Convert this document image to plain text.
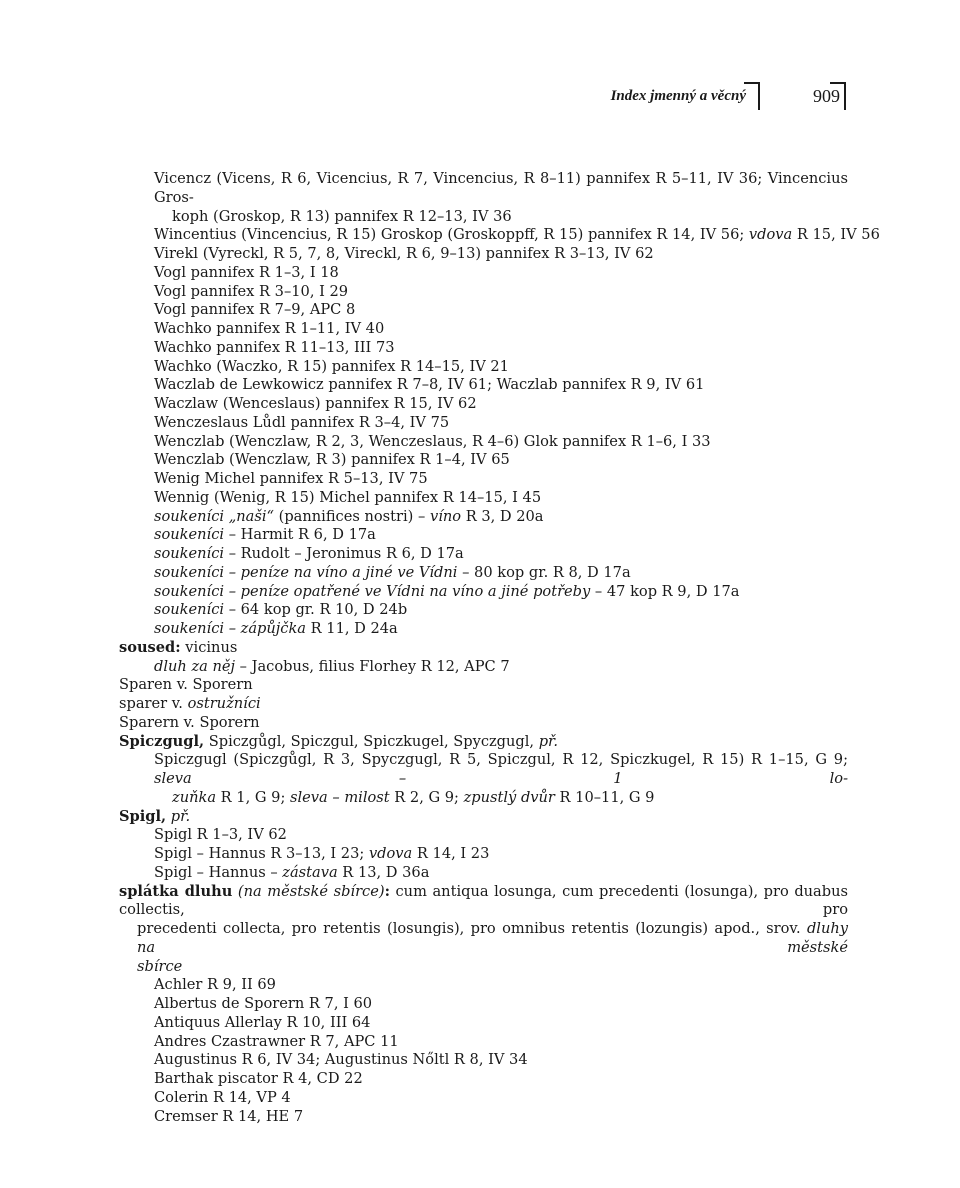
Index jmenný a věcný	909
Vicencz (Vicens, R 6, Vicencius, R 7, Vincencius, R 8–11) pannifex R 5–11, IV 36; Vincencius Gros-
koph (Groskop, R 13) pannifex R 12–13, IV 36
Wincentius (Vincencius, R 15) Groskop (Groskoppff, R 15) pannifex R 14, IV 56; vdova R 15, IV 56
Virekl (Vyreckl, R 5, 7, 8, Vireckl, R 6, 9–13) pannifex R 3–13, IV 62
Vogl pannifex R 1–3, I 18
Vogl pannifex R 3–10, I 29
Vogl pannifex R 7–9, APC 8
Wachko pannifex R 1–11, IV 40
Wachko pannifex R 11–13, III 73
Wachko (Waczko, R 15) pannifex R 14–15, IV 21
Waczlab de Lewkowicz pannifex R 7–8, IV 61; Waczlab pannifex R 9, IV 61
Waczlaw (Wenceslaus) pannifex R 15, IV 62
Wenczeslaus Lůdl pannifex R 3–4, IV 75
Wenczlab (Wenczlaw, R 2, 3, Wenczeslaus, R 4–6) Glok pannifex R 1–6, I 33
Wenczlab (Wenczlaw, R 3) pannifex R 1–4, IV 65
Wenig Michel pannifex R 5–13, IV 75
Wennig (Wenig, R 15) Michel pannifex R 14–15, I 45
soukeníci „naši“ (pannifices nostri) – víno R 3, D 20a
soukeníci – Harmit R 6, D 17a
soukeníci – Rudolt – Jeronimus R 6, D 17a
soukeníci – peníze na víno a jiné ve Vídni – 80 kop gr. R 8, D 17a
soukeníci – peníze opatřené ve Vídni na víno a jiné potřeby – 47 kop R 9, D 17a
soukeníci – 64 kop gr. R 10, D 24b
soukeníci – zápůjčka R 11, D 24a
soused: vicinus
dluh za něj – Jacobus, filius Florhey R 12, APC 7
Sparen v. Sporern
sparer v. ostružníci
Sparern v. Sporern
Spiczgugl, Spiczgůgl, Spiczgul, Spiczkugel, Spyczgugl, př.
Spiczgugl (Spiczgůgl, R 3, Spyczgugl, R 5, Spiczgul, R 12, Spiczkugel, R 15) R 1–15, G 9; sleva – 1 lo-
zuňka R 1, G 9; sleva – milost R 2, G 9; zpustlý dvůr R 10–11, G 9
Spigl, př.
Spigl R 1–3, IV 62
Spigl – Hannus R 3–13, I 23; vdova R 14, I 23
Spigl – Hannus – zástava R 13, D 36a
splátka dluhu (na městské sbírce): cum antiqua losunga, cum precedenti (losunga), pro duabus collectis, pro
precedenti collecta, pro retentis (losungis), pro omnibus retentis (lozungis) apod., srov. dluhy na městské
sbírce
Achler R 9, II 69
Albertus de Sporern R 7, I 60
Antiquus Allerlay R 10, III 64
Andres Czastrawner R 7, APC 11
Augustinus R 6, IV 34; Augustinus Nőltl R 8, IV 34
Barthak piscator R 4, CD 22
Colerin R 14, VP 4
Cremser R 14, HE 7
